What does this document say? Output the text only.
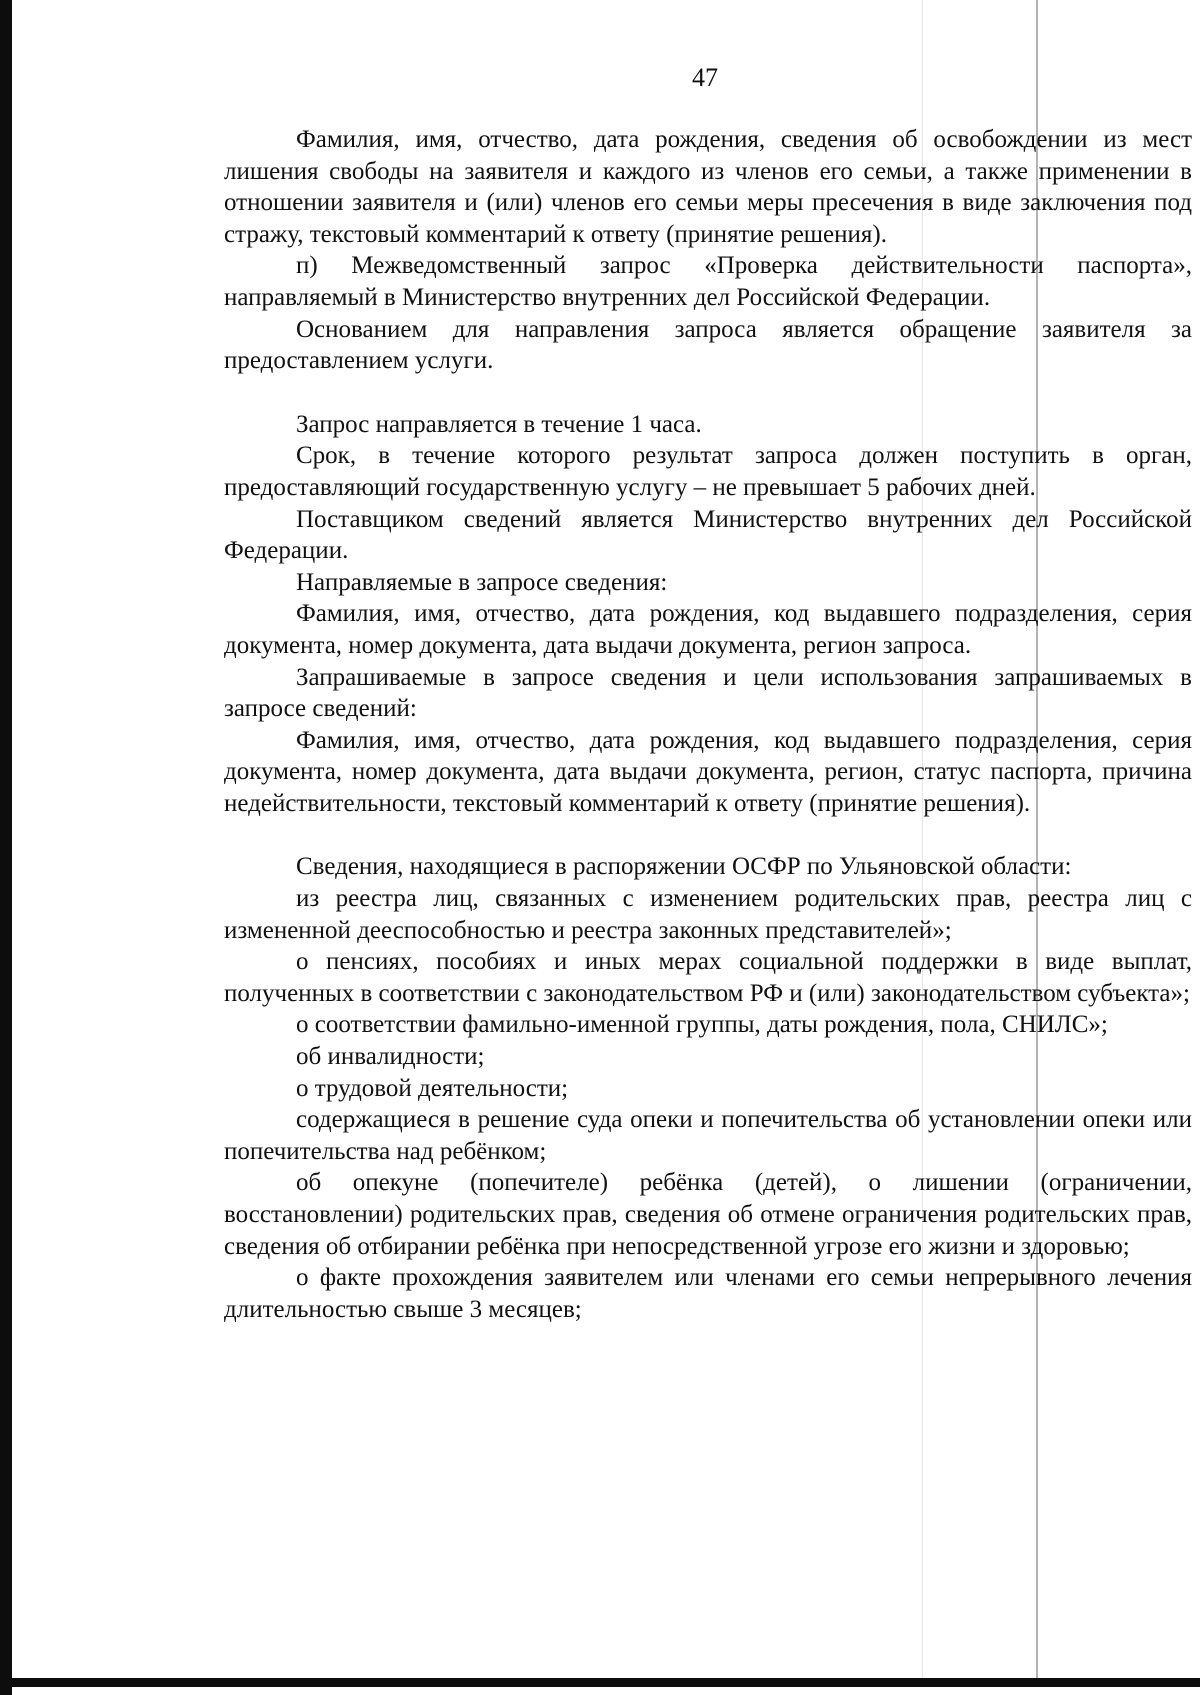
47

Фамилия, имя, отчество, дата рождения, сведения об освобождении из мест лишения свободы на заявителя и каждого из членов его семьи, а также применении в отношении заявителя и (или) членов его семьи меры пресечения в виде заключения под стражу, текстовый комментарий к ответу (принятие решения).

п) Межведомственный запрос «Проверка действительности паспорта», направляемый в Министерство внутренних дел Российской Федерации.

Основанием для направления запроса является обращение заявителя за предоставлением услуги.

Запрос направляется в течение 1 часа.

Срок, в течение которого результат запроса должен поступить в орган, предоставляющий государственную услугу – не превышает 5 рабочих дней.

Поставщиком сведений является Министерство внутренних дел Российской Федерации.

Направляемые в запросе сведения:

Фамилия, имя, отчество, дата рождения, код выдавшего подразделения, серия документа, номер документа, дата выдачи документа, регион запроса.

Запрашиваемые в запросе сведения и цели использования запрашиваемых в запросе сведений:

Фамилия, имя, отчество, дата рождения, код выдавшего подразделения, серия документа, номер документа, дата выдачи документа, регион, статус паспорта, причина недействительности, текстовый комментарий к ответу (принятие решения).

Сведения, находящиеся в распоряжении ОСФР по Ульяновской области:

из реестра лиц, связанных с изменением родительских прав, реестра лиц с измененной дееспособностью и реестра законных представителей»;

о пенсиях, пособиях и иных мерах социальной поддержки в виде выплат, полученных в соответствии с законодательством РФ и (или) законодательством субъекта»;

о соответствии фамильно-именной группы, даты рождения, пола, СНИЛС»;

об инвалидности;

о трудовой деятельности;

содержащиеся в решение суда опеки и попечительства об установлении опеки или попечительства над ребёнком;

об опекуне (попечителе) ребёнка (детей), о лишении (ограничении, восстановлении) родительских прав, сведения об отмене ограничения родительских прав, сведения об отбирании ребёнка при непосредственной угрозе его жизни и здоровью;

о факте прохождения заявителем или членами его семьи непрерывного лечения длительностью свыше 3 месяцев;
